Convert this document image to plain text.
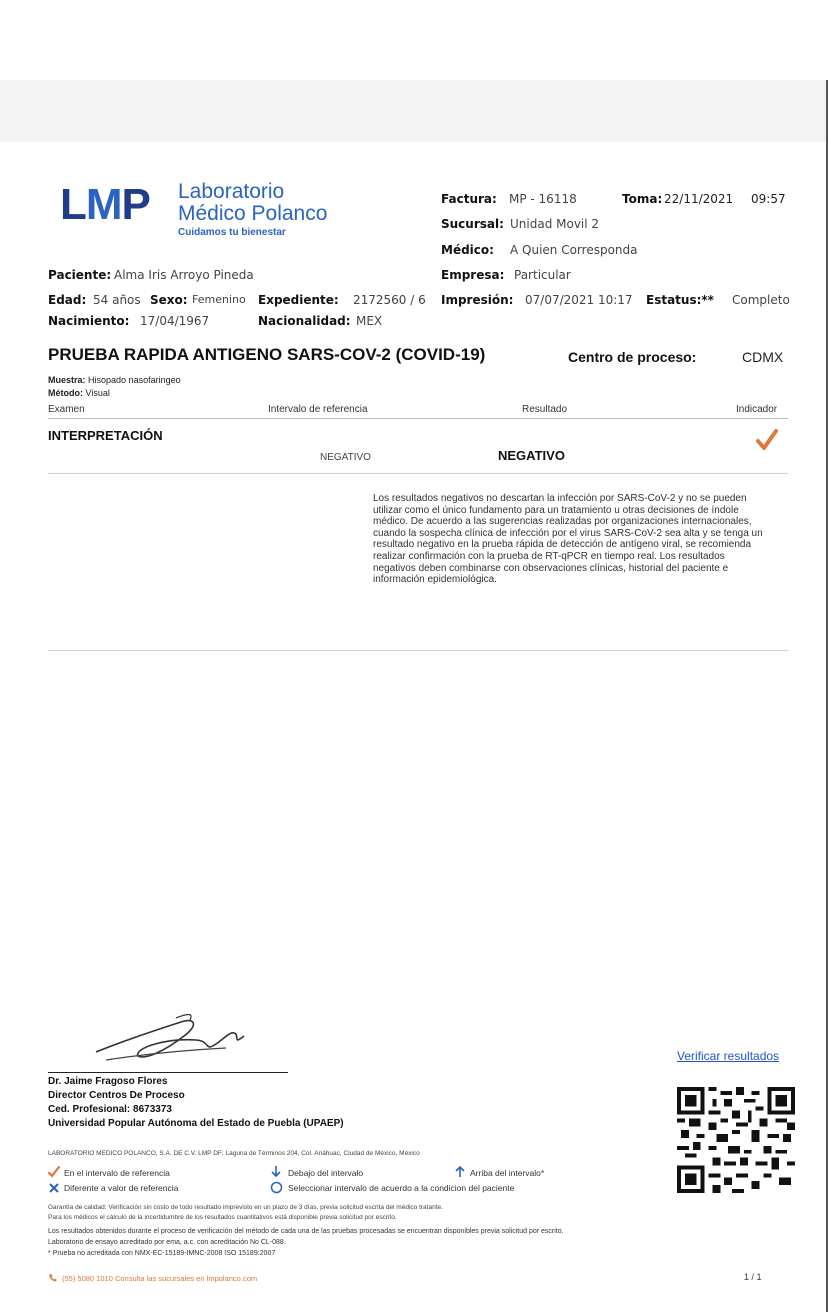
LMP Laboratorio
Médico Polanco
Cuidamos tu bienestar
Factura: MP - 16118	Toma: 22/11/2021 09:57
Sucursal: Unidad Movil 2
Médico: A Quien Corresponda
Empresa: Particular
Paciente: Alma Iris Arroyo Pineda
Edad: 54 años Sexo: Femenino Expediente: 2172560 / 6 Impresión: 07/07/2021 10:17 Estatus:** Completo
Nacimiento: 17/04/1967	Nacionalidad: MEX
PRUEBA RAPIDA ANTIGENO SARS-COV-2 (COVID-19)	Centro de proceso:	CDMX
Muestra: Hisopado nasofaringeo
Método: Visual
Examen	Intervalo de referencia	Resultado	Indicador
INTERPRETACIÓN
NEGATIVO	NEGATIVO
Los resultados negativos no descartan la infección por SARS-CoV-2 y no se pueden utilizar como el único fundamento para un tratamiento u otras decisiones de índole médico. De acuerdo a las sugerencias realizadas por organizaciones internacionales, cuando la sospecha clínica de infección por el virus SARS-CoV-2 sea alta y se tenga un resultado negativo en la prueba rápida de detección de antígeno viral, se recomienda realizar confirmación con la prueba de RT-qPCR en tiempo real. Los resultados negativos deben combinarse con observaciones clínicas, historial del paciente e información epidemiológica.
Dr. Jaime Fragoso Flores
Director Centros De Proceso
Ced. Profesional: 8673373
Universidad Popular Autónoma del Estado de Puebla (UPAEP)
Verificar resultados
LABORATORIO MEDICO POLANCO, S.A. DE C.V. LMP DF: Laguna de Términos 204, Col. Anáhuac, Ciudad de México, México
En el intervalo de referencia	Debajo del intervalo	Arriba del intervalo*
Diferente a valor de referencia	Seleccionar intervalo de acuerdo a la condicion del paciente
Garantía de calidad: Verificación sin costo de todo resultado imprevisto en un plazo de 3 días, previa solicitud escrita del médico tratante.
Para los médicos el cálculo de la incertidumbre de los resultados cuantitativos está disponible previa solicitud por escrito.
Los resultados obtenidos durante el proceso de verificación del método de cada una de las pruebas procesadas se encuentran disponibles previa solicitud por escrito.
Laboratorio de ensayo acreditado por ema, a.c. con acreditación No CL-088.
* Prueba no acreditada con NMX-EC-15189-IMNC-2008 ISO 15189:2007
(55) 5080 1010 Consulta las sucursales en lmpolanco.com	1 / 1
